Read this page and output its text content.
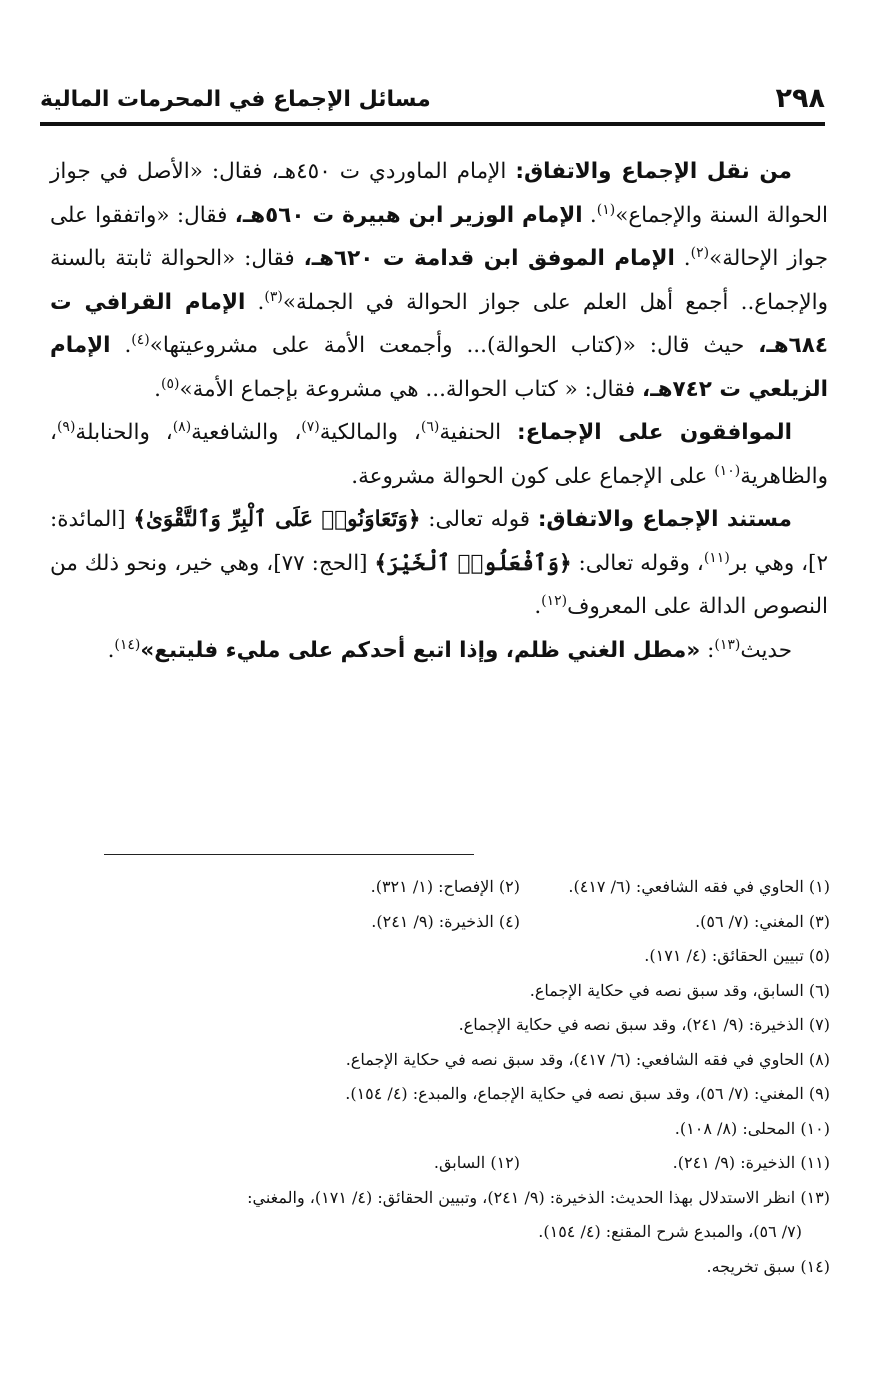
٢٩٨
مسائل الإجماع في المحرمات المالية

من نقل الإجماع والاتفاق: الإمام الماوردي ت ٤٥٠هـ، فقال: «الأصل في جواز الحوالة السنة والإجماع»$^{(١)}$. الإمام الوزير ابن هبيرة ت ٥٦٠هـ، فقال: «واتفقوا على جواز الإحالة»$^{(٢)}$. الإمام الموفق ابن قدامة ت ٦٢٠هـ، فقال: «الحوالة ثابتة بالسنة والإجماع.. أجمع أهل العلم على جواز الحوالة في الجملة»$^{(٣)}$. الإمام القرافي ت ٦٨٤هـ، حيث قال: «(كتاب الحوالة)... وأجمعت الأمة على مشروعيتها»$^{(٤)}$. الإمام الزيلعي ت ٧٤٢هـ، فقال: « كتاب الحوالة... هي مشروعة بإجماع الأمة»$^{(٥)}$.

الموافقون على الإجماع: الحنفية$^{(٦)}$، والمالكية$^{(٧)}$، والشافعية$^{(٨)}$، والحنابلة$^{(٩)}$، والظاهرية$^{(١٠)}$ على الإجماع على كون الحوالة مشروعة.

مستند الإجماع والاتفاق: قوله تعالى: ﴿وَتَعَاوَنُوا۟ عَلَى ٱلْبِرِّ وَٱلتَّقْوَىٰ﴾ [المائدة: ٢]، وهي بر$^{(١١)}$، وقوله تعالى: ﴿وَٱفْعَلُوا۟ ٱلْخَيْرَ﴾ [الحج: ٧٧]، وهي خير، ونحو ذلك من النصوص الدالة على المعروف$^{(١٢)}$.

حديث$^{(١٣)}$: «مطل الغني ظلم، وإذا اتبع أحدكم على مليء فليتبع»$^{(١٤)}$.

(١) الحاوي في فقه الشافعي: (٦/ ٤١٧).
(٢) الإفصاح: (١/ ٣٢١).
(٣) المغني: (٧/ ٥٦).
(٤) الذخيرة: (٩/ ٢٤١).
(٥) تبيين الحقائق: (٤/ ١٧١).
(٦) السابق، وقد سبق نصه في حكاية الإجماع.
(٧) الذخيرة: (٩/ ٢٤١)، وقد سبق نصه في حكاية الإجماع.
(٨) الحاوي في فقه الشافعي: (٦/ ٤١٧)، وقد سبق نصه في حكاية الإجماع.
(٩) المغني: (٧/ ٥٦)، وقد سبق نصه في حكاية الإجماع، والمبدع: (٤/ ١٥٤).
(١٠) المحلى: (٨/ ١٠٨).
(١١) الذخيرة: (٩/ ٢٤١).
(١٢) السابق.
(١٣) انظر الاستدلال بهذا الحديث: الذخيرة: (٩/ ٢٤١)، وتبيين الحقائق: (٤/ ١٧١)، والمغني:
(٧/ ٥٦)، والمبدع شرح المقنع: (٤/ ١٥٤).
(١٤) سبق تخريجه.
